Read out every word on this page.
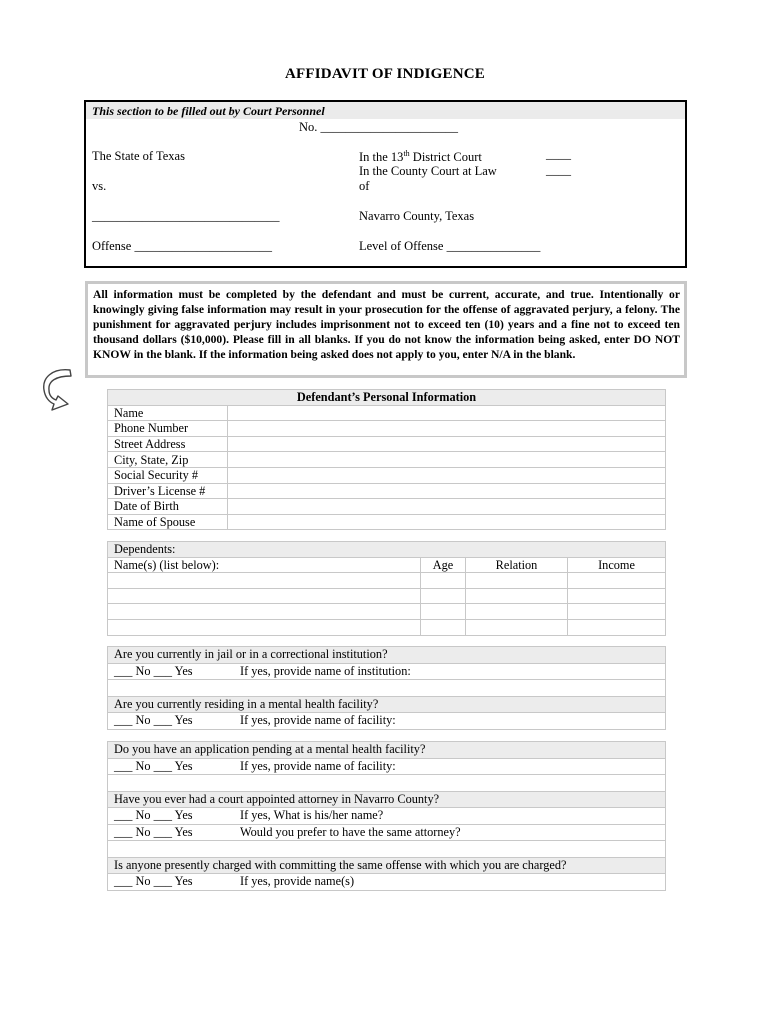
AFFIDAVIT OF INDIGENCE
This section to be filled out by Court Personnel
No. ______________________
The State of Texas
vs.
______________________________
Offense ______________________
In the 13th District Court	____
In the County Court at Law
of
____
Navarro County, Texas
Level of Offense _______________
All information must be completed by the defendant and must be current, accurate, and true. Intentionally or knowingly giving false information may result in your prosecution for the offense of aggravated perjury, a felony. The punishment for aggravated perjury includes imprisonment not to exceed ten (10) years and a fine not to exceed ten thousand dollars ($10,000). Please fill in all blanks. If you do not know the information being asked, enter DO NOT KNOW in the blank. If the information being asked does not apply to you, enter N/A in the blank.
Defendant’s Personal Information	
Name	
Phone Number	
Street Address	
City, State, Zip	
Social Security #	
Driver’s License #	
Date of Birth	
Name of Spouse	
Dependents:			
Name(s) (list below):	Age	Relation	Income

Are you currently in jail or in a correctional institution?
___ No ___ Yes	If yes, provide name of institution:
Are you currently residing in a mental health facility?
___ No ___ Yes	If yes, provide name of facility:
Do you have an application pending at a mental health facility?
___ No ___ Yes	If yes, provide name of facility:
Have you ever had a court appointed attorney in Navarro County?
___ No ___ Yes	If yes, What is his/her name?
___ No ___ Yes	Would you prefer to have the same attorney?
Is anyone presently charged with committing the same offense with which you are charged?
___ No ___ Yes	If yes, provide name(s)
